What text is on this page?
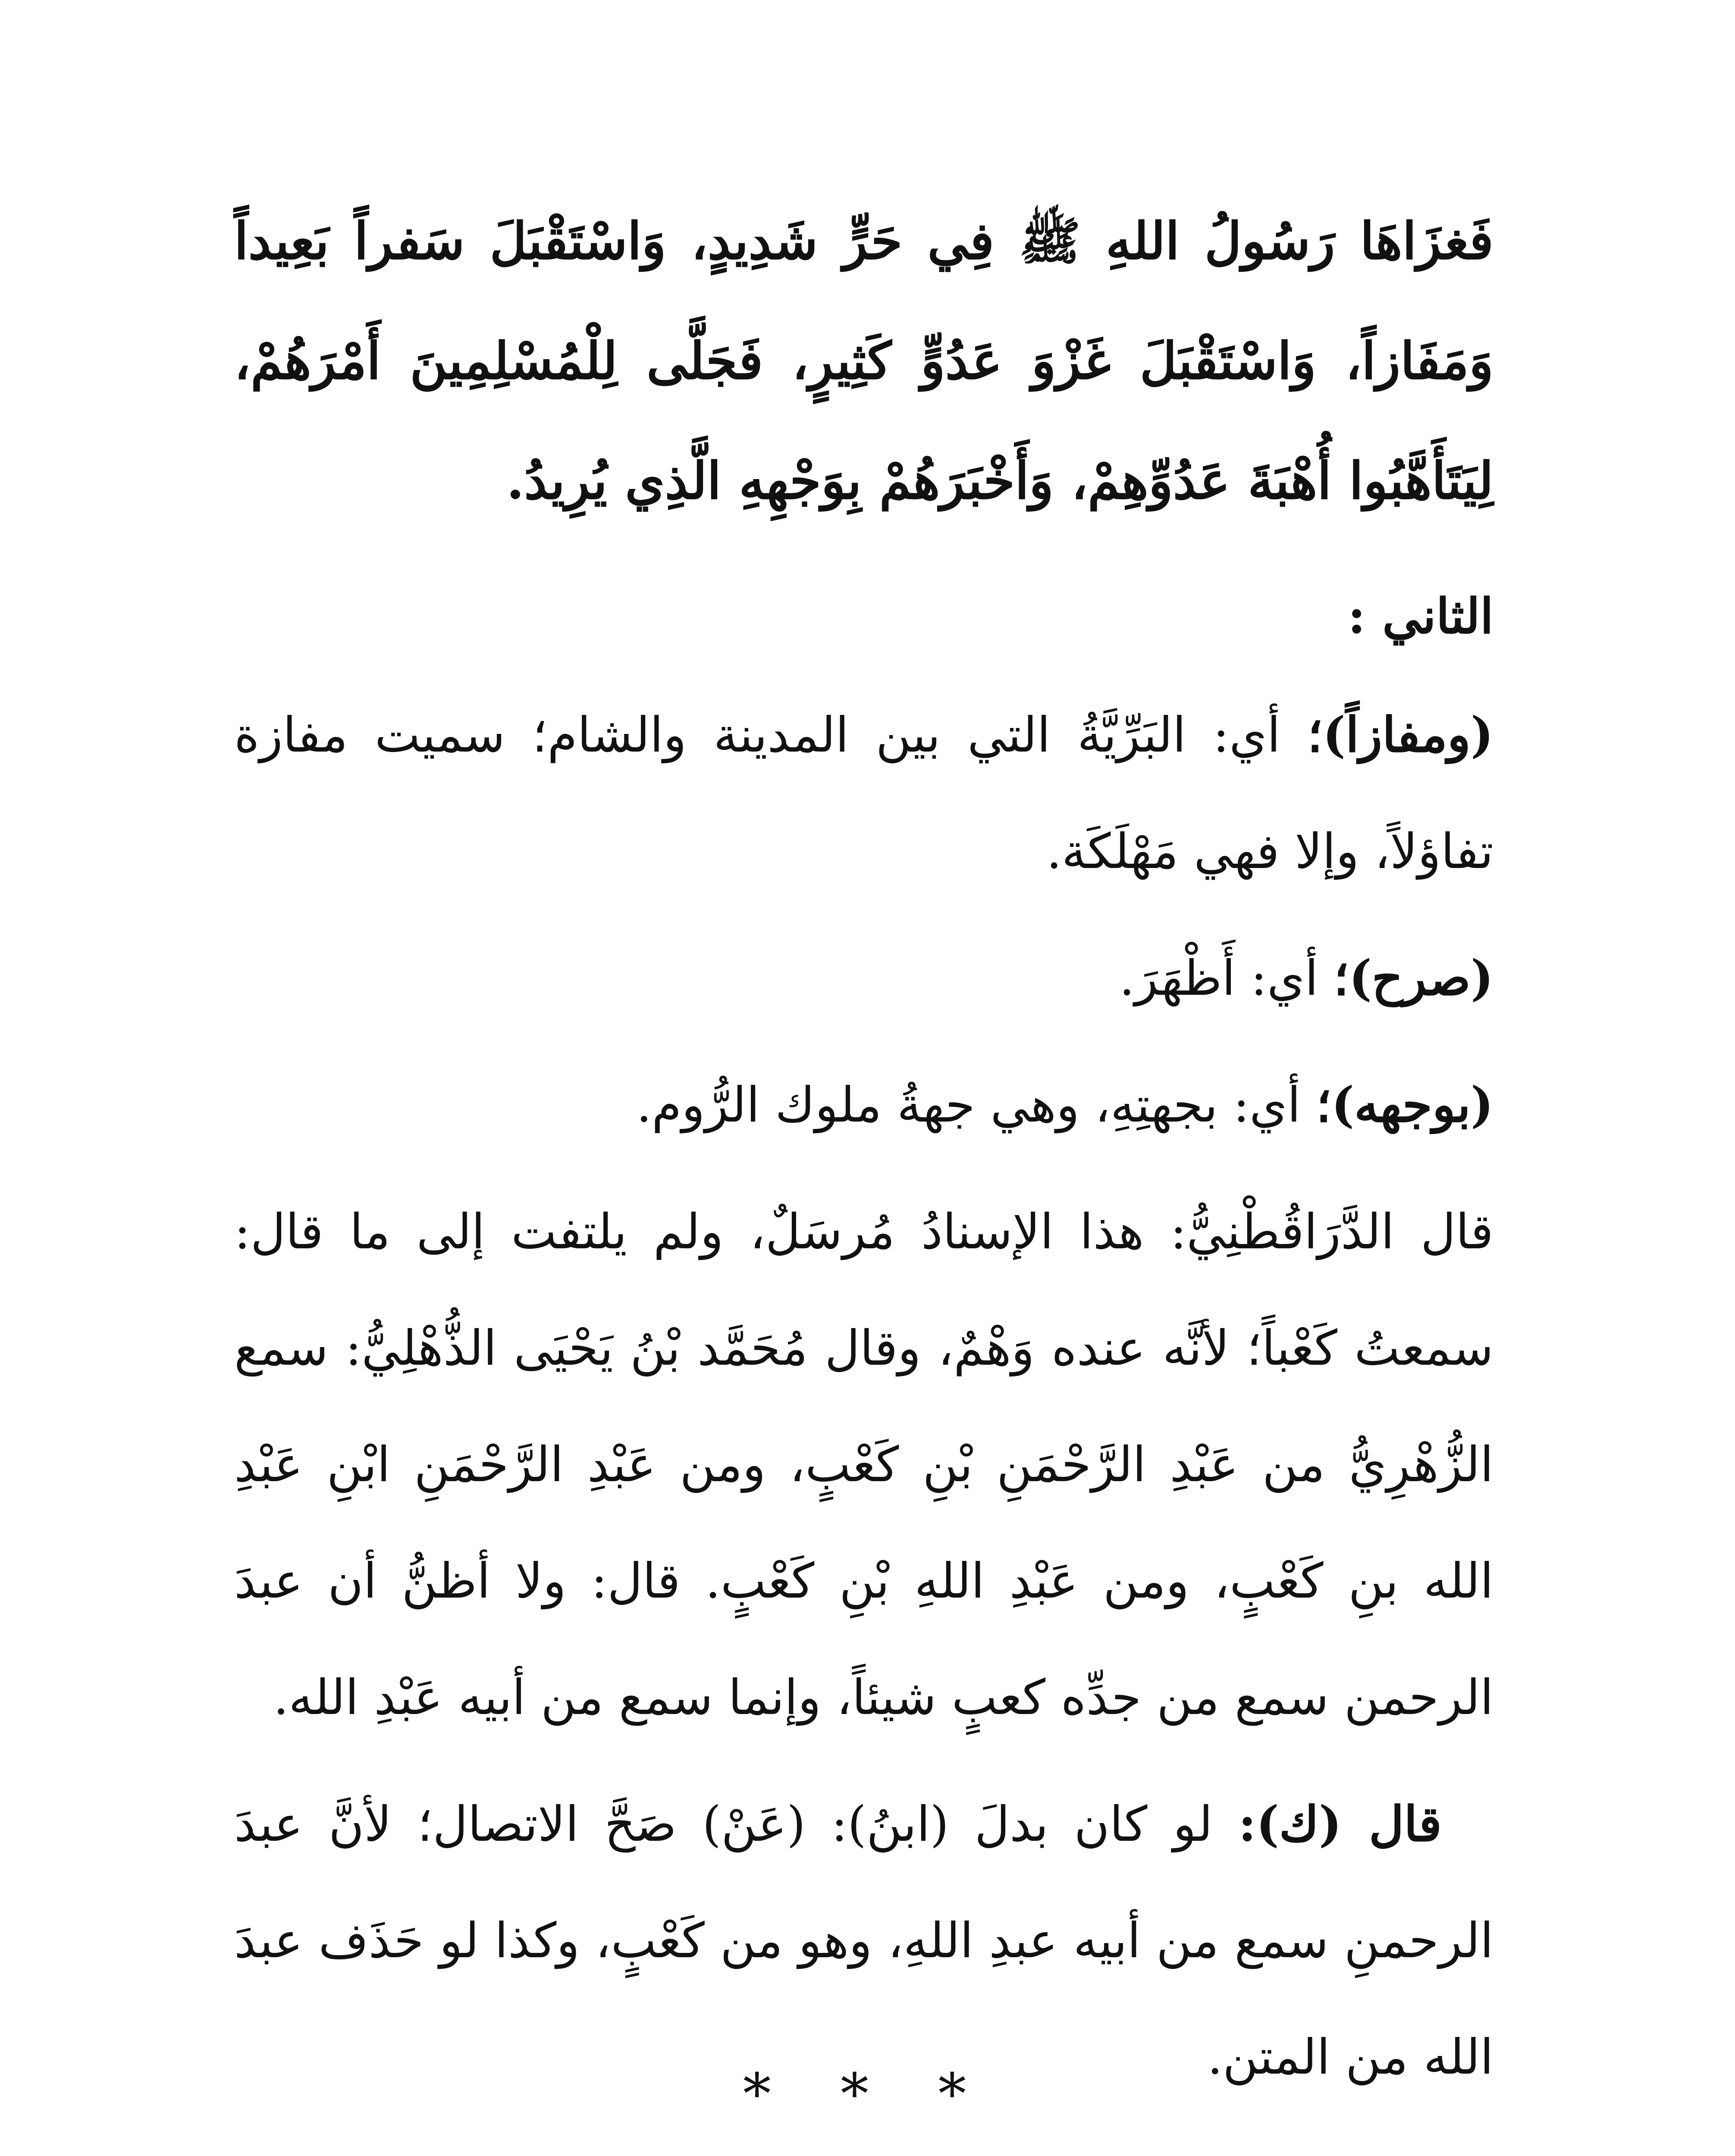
فَغزَاهَا رَسُولُ اللهِ ﷺ فِي حَرٍّ شَدِيدٍ، وَاسْتَقْبَلَ سَفراً بَعِيداً وَمَفَازاً، وَاسْتَقْبَلَ غَزْوَ عَدُوٍّ كَثِيرٍ، فَجَلَّى لِلْمُسْلِمِينَ أَمْرَهُمْ، لِيَتَأَهَّبُوا أُهْبَةَ عَدُوِّهِمْ، وَأَخْبَرَهُمْ بِوَجْهِهِ الَّذِي يُرِيدُ.

الثاني :

(ومفازاً)؛ أي: البَرِّيَّةُ التي بين المدينة والشام؛ سميت مفازة تفاؤلاً، وإلا فهي مَهْلَكَة.

(صرح)؛ أي: أَظْهَرَ.

(بوجهه)؛ أي: بجهتِهِ، وهي جهةُ ملوك الرُّوم.

قال الدَّرَاقُطْنِيُّ: هذا الإسنادُ مُرسَلٌ، ولم يلتفت إلى ما قال: سمعتُ كَعْباً؛ لأنَّه عنده وَهْمٌ، وقال مُحَمَّد بْنُ يَحْيَى الذُّهْلِيُّ: سمع الزُّهْرِيُّ من عَبْدِ الرَّحْمَنِ بْنِ كَعْبٍ، ومن عَبْدِ الرَّحْمَنِ ابْنِ عَبْدِ الله بنِ كَعْبٍ، ومن عَبْدِ اللهِ بْنِ كَعْبٍ. قال: ولا أظنُّ أن عبدَ الرحمن سمع من جدِّه كعبٍ شيئاً، وإنما سمع من أبيه عَبْدِ الله.

قال (ك): لو كان بدلَ (ابنُ): (عَنْ) صَحَّ الاتصال؛ لأنَّ عبدَ الرحمنِ سمع من أبيه عبدِ اللهِ، وهو من كَعْبٍ، وكذا لو حَذَف عبدَ الله من المتن.

* * *
